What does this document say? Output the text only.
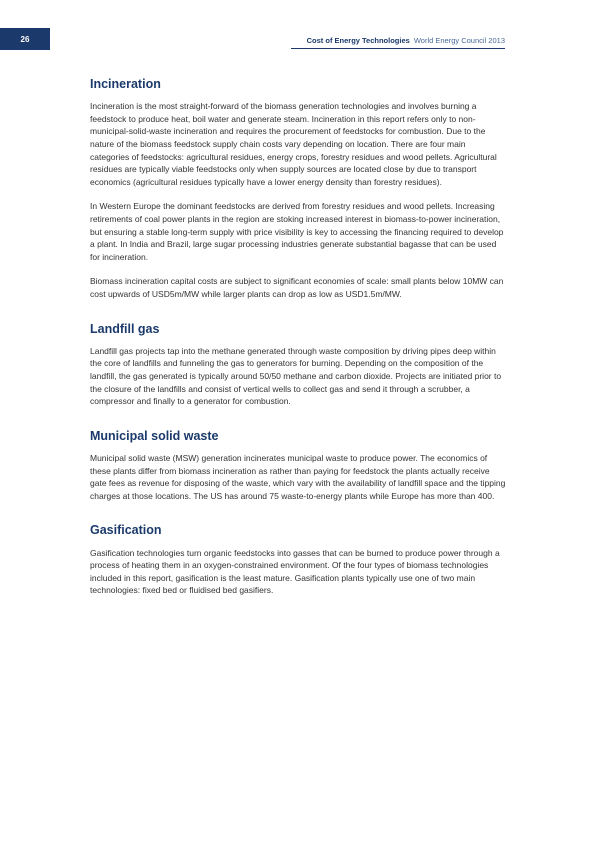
26	Cost of Energy Technologies World Energy Council 2013
Incineration

Incineration is the most straight-forward of the biomass generation technologies and involves burning a feedstock to produce heat, boil water and generate steam. Incineration in this report refers only to non-municipal-solid-waste incineration and requires the procurement of feedstocks for combustion. Due to the nature of the biomass feedstock supply chain costs vary depending on location. There are four main categories of feedstocks: agricultural residues, energy crops, forestry residues and wood pellets. Agricultural residues are typically viable feedstocks only when supply sources are located close by due to transport economics (agricultural residues typically have a lower energy density than forestry residues).

In Western Europe the dominant feedstocks are derived from forestry residues and wood pellets. Increasing retirements of coal power plants in the region are stoking increased interest in biomass-to-power incineration, but ensuring a stable long-term supply with price visibility is key to accessing the financing required to develop a plant. In India and Brazil, large sugar processing industries generate substantial bagasse that can be used for incineration.

Biomass incineration capital costs are subject to significant economies of scale: small plants below 10MW can cost upwards of USD5m/MW while larger plants can drop as low as USD1.5m/MW.

Landfill gas

Landfill gas projects tap into the methane generated through waste composition by driving pipes deep within the core of landfills and funneling the gas to generators for burning. Depending on the composition of the landfill, the gas generated is typically around 50/50 methane and carbon dioxide. Projects are initiated prior to the closure of the landfills and consist of vertical wells to collect gas and send it through a scrubber, a compressor and finally to a generator for combustion.

Municipal solid waste

Municipal solid waste (MSW) generation incinerates municipal waste to produce power. The economics of these plants differ from biomass incineration as rather than paying for feedstock the plants actually receive gate fees as revenue for disposing of the waste, which vary with the availability of landfill space and the tipping charges at those locations. The US has around 75 waste-to-energy plants while Europe has more than 400.

Gasification

Gasification technologies turn organic feedstocks into gasses that can be burned to produce power through a process of heating them in an oxygen-constrained environment. Of the four types of biomass technologies included in this report, gasification is the least mature. Gasification plants typically use one of two main technologies: fixed bed or fluidised bed gasifiers.
